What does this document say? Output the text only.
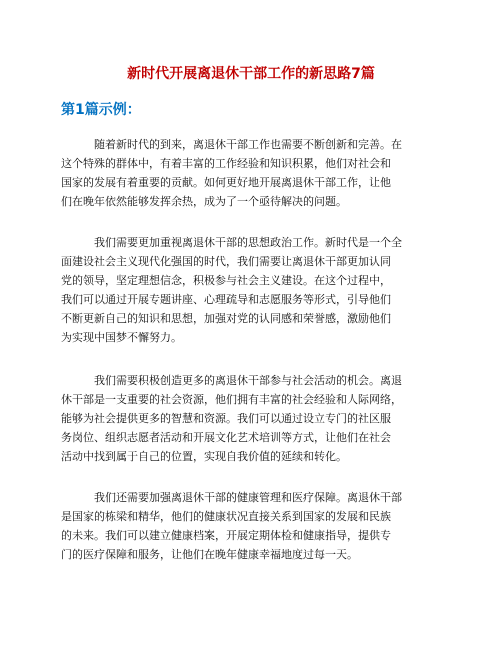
新时代开展离退休干部工作的新思路7篇
第1篇示例：
随着新时代的到来，离退休干部工作也需要不断创新和完善。在
这个特殊的群体中，有着丰富的工作经验和知识积累，他们对社会和
国家的发展有着重要的贡献。如何更好地开展离退休干部工作，让他
们在晚年依然能够发挥余热，成为了一个亟待解决的问题。
我们需要更加重视离退休干部的思想政治工作。新时代是一个全
面建设社会主义现代化强国的时代，我们需要让离退休干部更加认同
党的领导，坚定理想信念，积极参与社会主义建设。在这个过程中，
我们可以通过开展专题讲座、心理疏导和志愿服务等形式，引导他们
不断更新自己的知识和思想，加强对党的认同感和荣誉感，激励他们
为实现中国梦不懈努力。
我们需要积极创造更多的离退休干部参与社会活动的机会。离退
休干部是一支重要的社会资源，他们拥有丰富的社会经验和人际网络，
能够为社会提供更多的智慧和资源。我们可以通过设立专门的社区服
务岗位、组织志愿者活动和开展文化艺术培训等方式，让他们在社会
活动中找到属于自己的位置，实现自我价值的延续和转化。
我们还需要加强离退休干部的健康管理和医疗保障。离退休干部
是国家的栋梁和精华，他们的健康状况直接关系到国家的发展和民族
的未来。我们可以建立健康档案，开展定期体检和健康指导，提供专
门的医疗保障和服务，让他们在晚年健康幸福地度过每一天。
